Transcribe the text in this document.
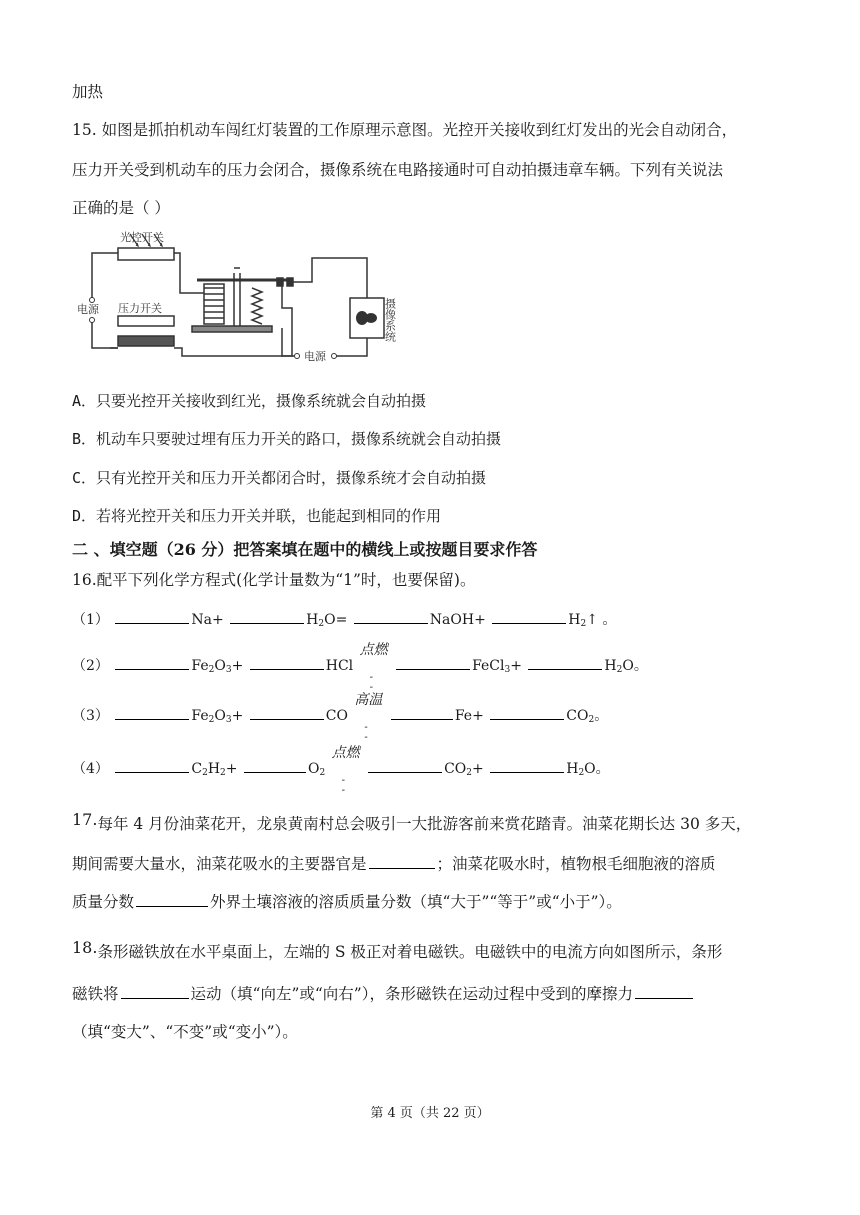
加热
15. 如图是抓拍机动车闯红灯装置的工作原理示意图。光控开关接收到红灯发出的光会自动闭合，
压力开关受到机动车的压力会闭合，摄像系统在电路接通时可自动拍摄违章车辆。下列有关说法
正确的是（ ）
光控开关
电源 压力开关
电源
摄像系统
A．只要光控开关接收到红光，摄像系统就会自动拍摄
B．机动车只要驶过埋有压力开关的路口，摄像系统就会自动拍摄
C．只有光控开关和压力开关都闭合时，摄像系统才会自动拍摄
D．若将光控开关和压力开关并联，也能起到相同的作用
二 、填空题（26 分）把答案填在题中的横线上或按题目要求作答
16.配平下列化学方程式(化学计量数为“1”时，也要保留)。
（1）	Na+	$H_2O=$	NaOH+	$H_2↑$ 。
（2）	$Fe_2O_3+$	HCl
点燃
-
-
FeCl$_3$+	$H_2O$。
（3）	$Fe_2O_3+$	CO
高温
-
-
Fe+	$CO_2$。
（4）	$C_2H_2+$	$O_2$
点燃
-
-
$CO_2+$	$H_2O$。
17.每年 4 月份油菜花开，龙泉黄南村总会吸引一大批游客前来赏花踏青。油菜花期长达 30 多天，
期间需要大量水，油菜花吸水的主要器官是	；油菜花吸水时，植物根毛细胞液的溶质
质量分数	外界土壤溶液的溶质质量分数（填“大于”“等于”或“小于”）。
18.条形磁铁放在水平桌面上，左端的 S 极正对着电磁铁。电磁铁中的电流方向如图所示，条形
磁铁将	运动（填“向左”或“向右”），条形磁铁在运动过程中受到的摩擦力
（填“变大”、“不变”或“变小”）。
第 4 页（共 22 页）
